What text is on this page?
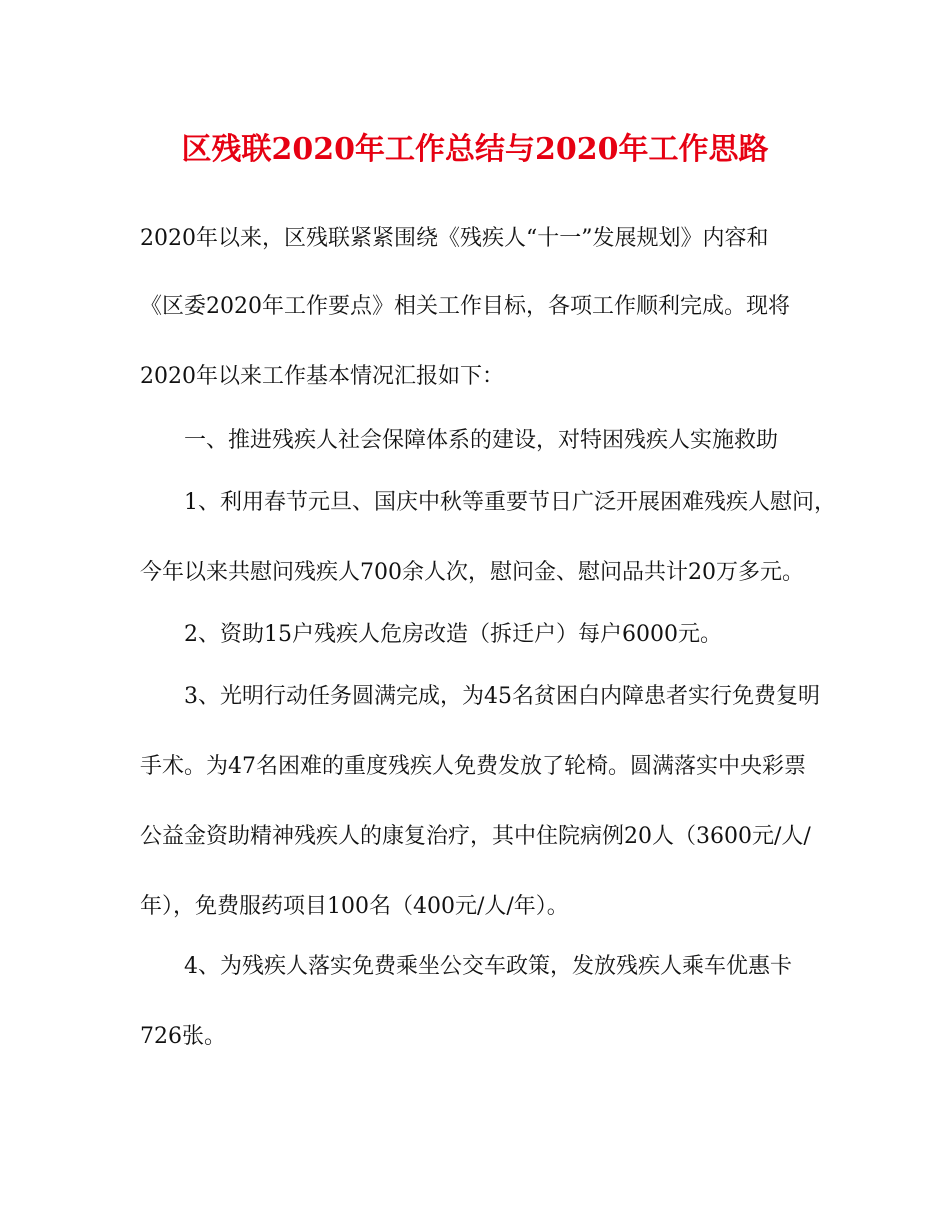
区残联2020年工作总结与2020年工作思路
2020年以来，区残联紧紧围绕《残疾人“十一”发展规划》内容和
《区委2020年工作要点》相关工作目标，各项工作顺利完成。现将
2020年以来工作基本情况汇报如下：
一、推进残疾人社会保障体系的建设，对特困残疾人实施救助
1、利用春节元旦、国庆中秋等重要节日广泛开展困难残疾人慰问，
今年以来共慰问残疾人700余人次，慰问金、慰问品共计20万多元。
2、资助15户残疾人危房改造（拆迁户）每户6000元。
3、光明行动任务圆满完成，为45名贫困白内障患者实行免费复明
手术。为47名困难的重度残疾人免费发放了轮椅。圆满落实中央彩票
公益金资助精神残疾人的康复治疗，其中住院病例20人（3600元/人/
年），免费服药项目100名（400元/人/年）。
4、为残疾人落实免费乘坐公交车政策，发放残疾人乘车优惠卡
726张。
